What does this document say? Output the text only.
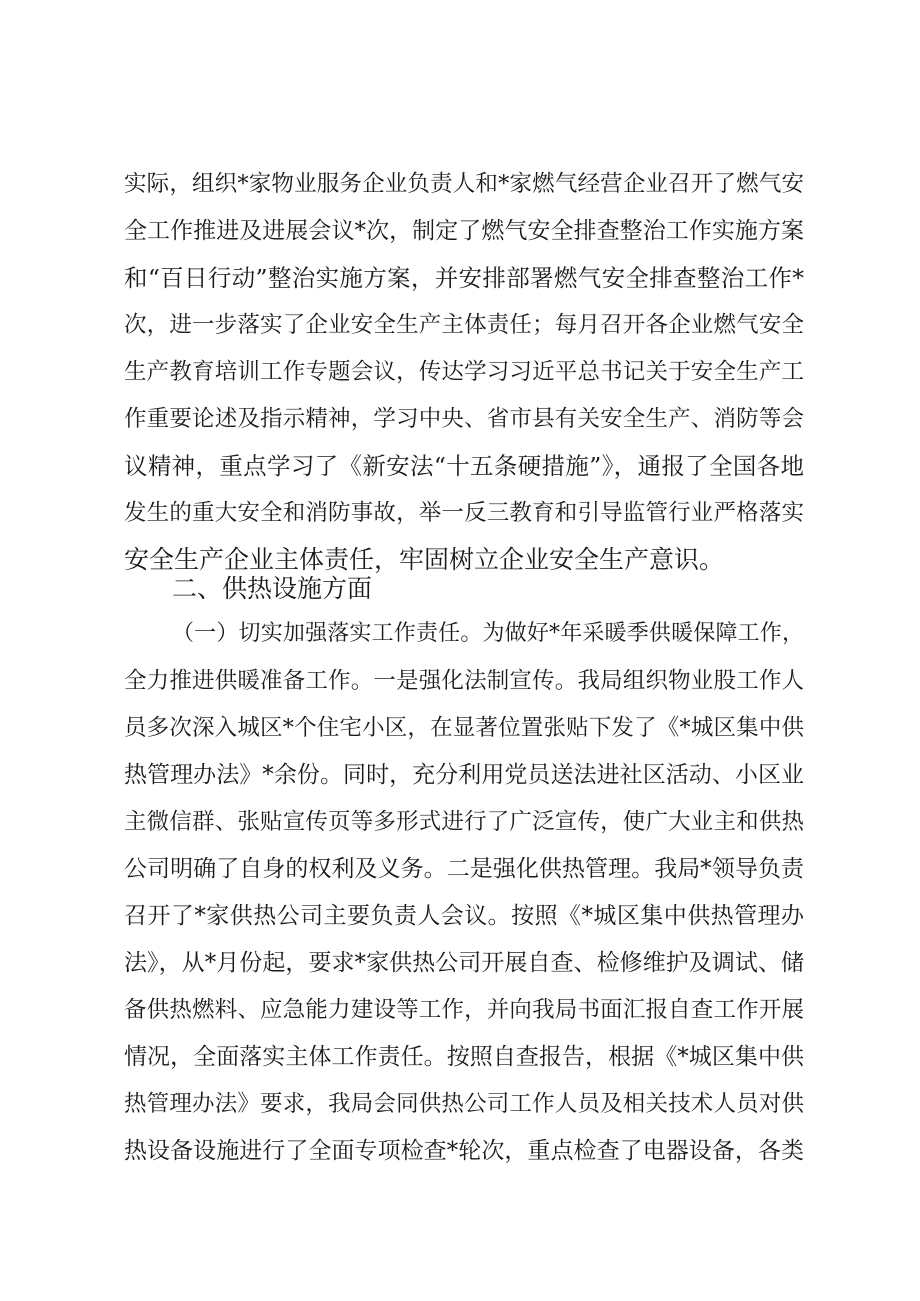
实际，组织*家物业服务企业负责人和*家燃气经营企业召开了燃气安
全工作推进及进展会议*次，制定了燃气安全排查整治工作实施方案
和“百日行动”整治实施方案，并安排部署燃气安全排查整治工作*
次，进一步落实了企业安全生产主体责任；每月召开各企业燃气安全
生产教育培训工作专题会议，传达学习习近平总书记关于安全生产工
作重要论述及指示精神，学习中央、省市县有关安全生产、消防等会
议精神，重点学习了《新安法“十五条硬措施”》，通报了全国各地
发生的重大安全和消防事故，举一反三教育和引导监管行业严格落实
安全生产企业主体责任，牢固树立企业安全生产意识。
二、供热设施方面
（一）切实加强落实工作责任。为做好*年采暖季供暖保障工作，
全力推进供暖准备工作。一是强化法制宣传。我局组织物业股工作人
员多次深入城区*个住宅小区，在显著位置张贴下发了《*城区集中供
热管理办法》*余份。同时，充分利用党员送法进社区活动、小区业
主微信群、张贴宣传页等多形式进行了广泛宣传，使广大业主和供热
公司明确了自身的权利及义务。二是强化供热管理。我局*领导负责
召开了*家供热公司主要负责人会议。按照《*城区集中供热管理办
法》，从*月份起，要求*家供热公司开展自查、检修维护及调试、储
备供热燃料、应急能力建设等工作，并向我局书面汇报自查工作开展
情况，全面落实主体工作责任。按照自查报告，根据《*城区集中供
热管理办法》要求，我局会同供热公司工作人员及相关技术人员对供
热设备设施进行了全面专项检查*轮次，重点检查了电器设备，各类
